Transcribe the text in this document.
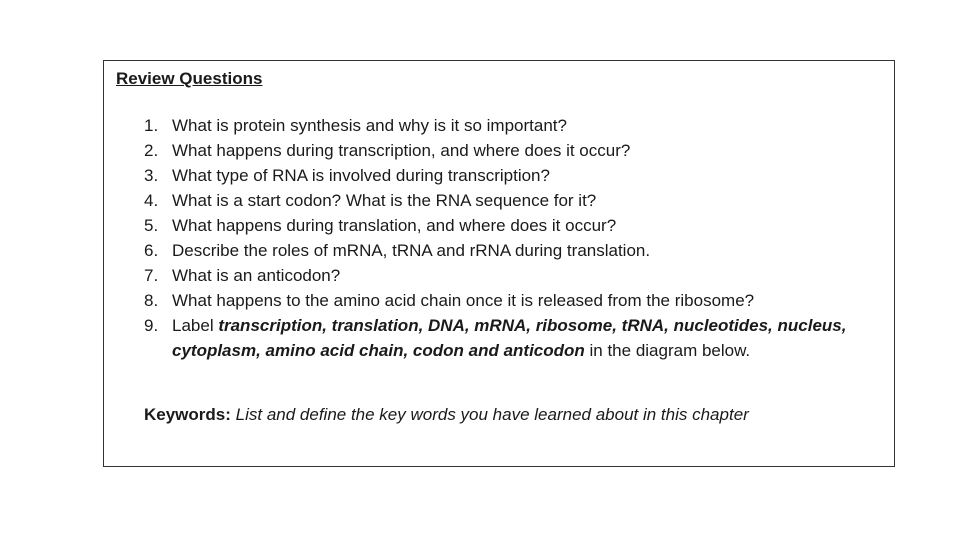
Review Questions
1. What is protein synthesis and why is it so important?
2. What happens during transcription, and where does it occur?
3. What type of RNA is involved during transcription?
4. What is a start codon? What is the RNA sequence for it?
5. What happens during translation, and where does it occur?
6. Describe the roles of mRNA, tRNA and rRNA during translation.
7. What is an anticodon?
8. What happens to the amino acid chain once it is released from the ribosome?
9. Label transcription, translation, DNA, mRNA, ribosome, tRNA, nucleotides, nucleus,
cytoplasm, amino acid chain, codon and anticodon in the diagram below.
Keywords: List and define the key words you have learned about in this chapter
